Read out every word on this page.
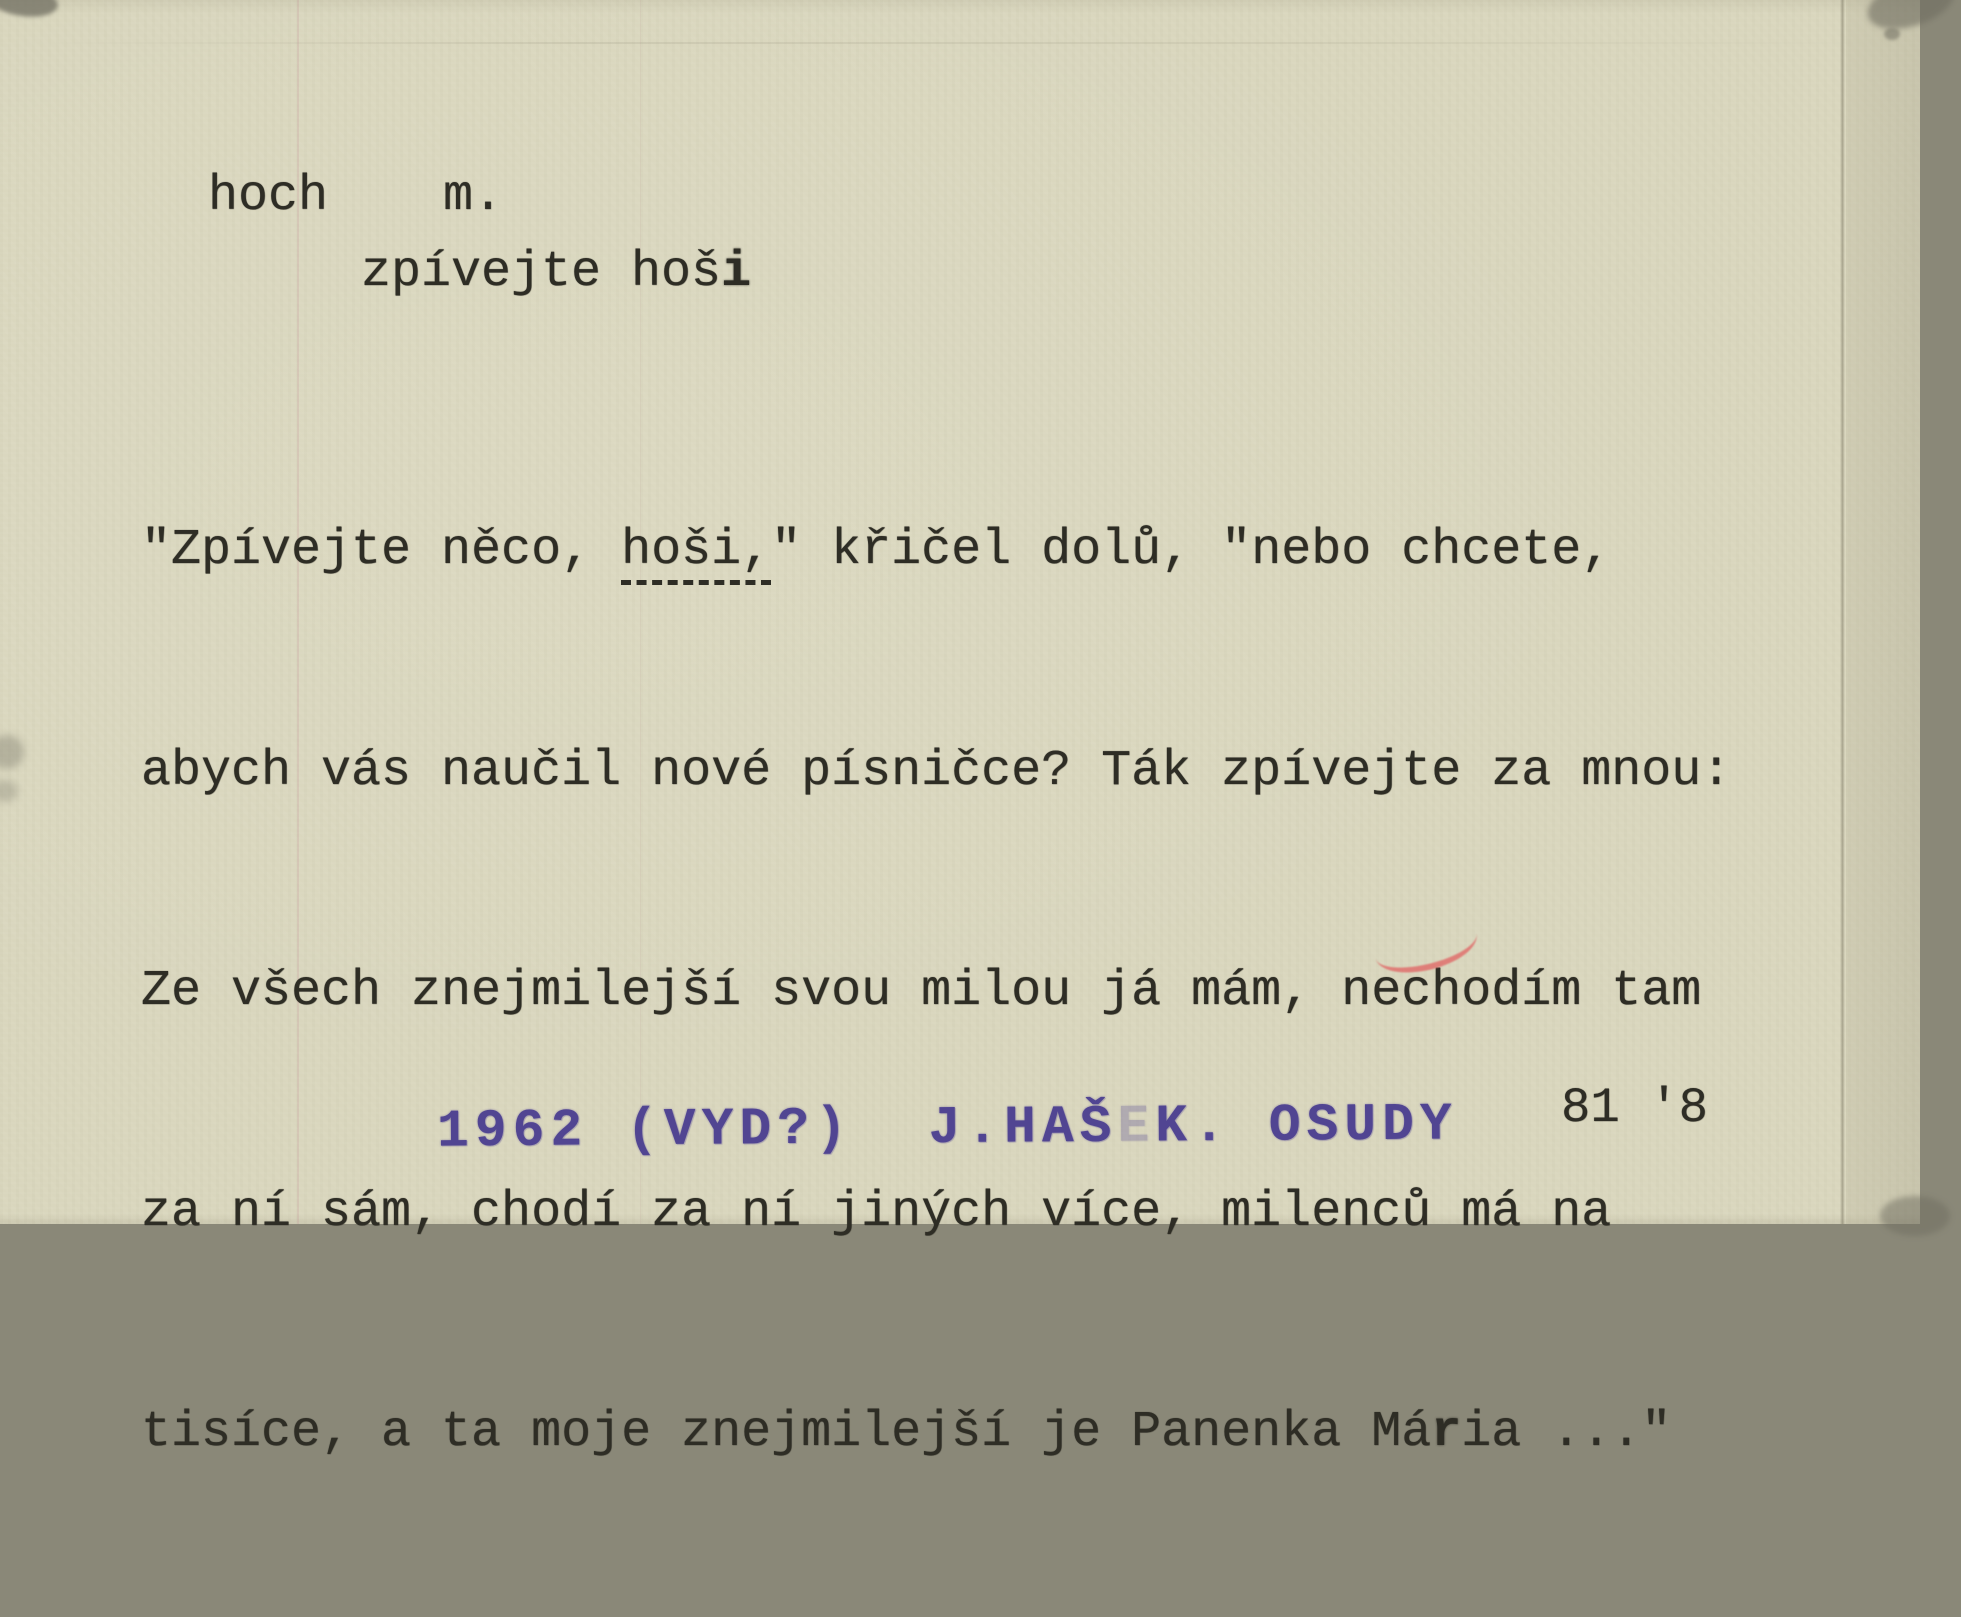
hoch m.
zpívejte hoši

"Zpívejte něco, hoši," křičel dolů, "nebo chcete,

abych vás naučil nové písničce? Ták zpívejte za mnou:

Ze všech znejmilejší svou milou já mám, nechodím tam

za ní sám, chodí za ní jiných více, milenců má na

tisíce, a ta moje znejmilejší je Panenka Mária ..."

1962 (VYD?)  J.HAŠEK. OSUDY 81 '8
